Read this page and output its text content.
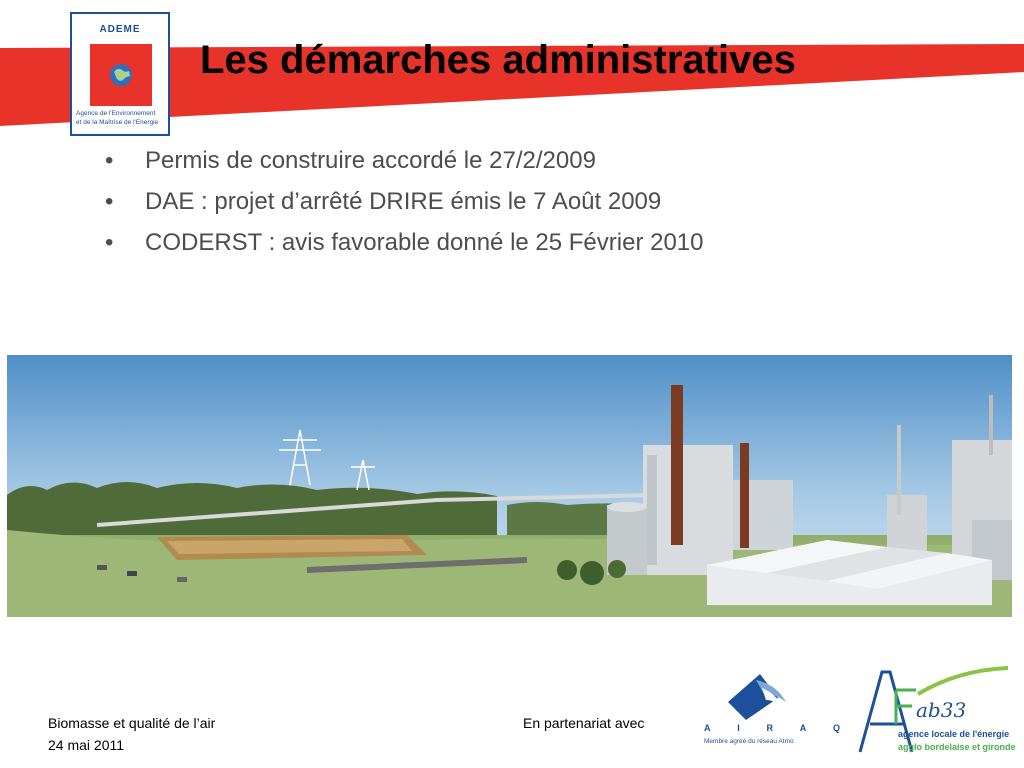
ADEME
Agence de l'Environnement
et de la Maîtrise de l'Energie
Les démarches administratives
• Permis de construire accordé le 27/2/2009
• DAE : projet d’arrêté DRIRE émis le 7 Août 2009
• CODERST : avis favorable donné le 25 Février 2010
Biomasse et qualité de l’air
24 mai 2011
En partenariat avec	A	I	R	A	Q
Membre agréé du réseau Atmo
ab33
agence locale de l'énergie
agglo bordelaise et gironde
